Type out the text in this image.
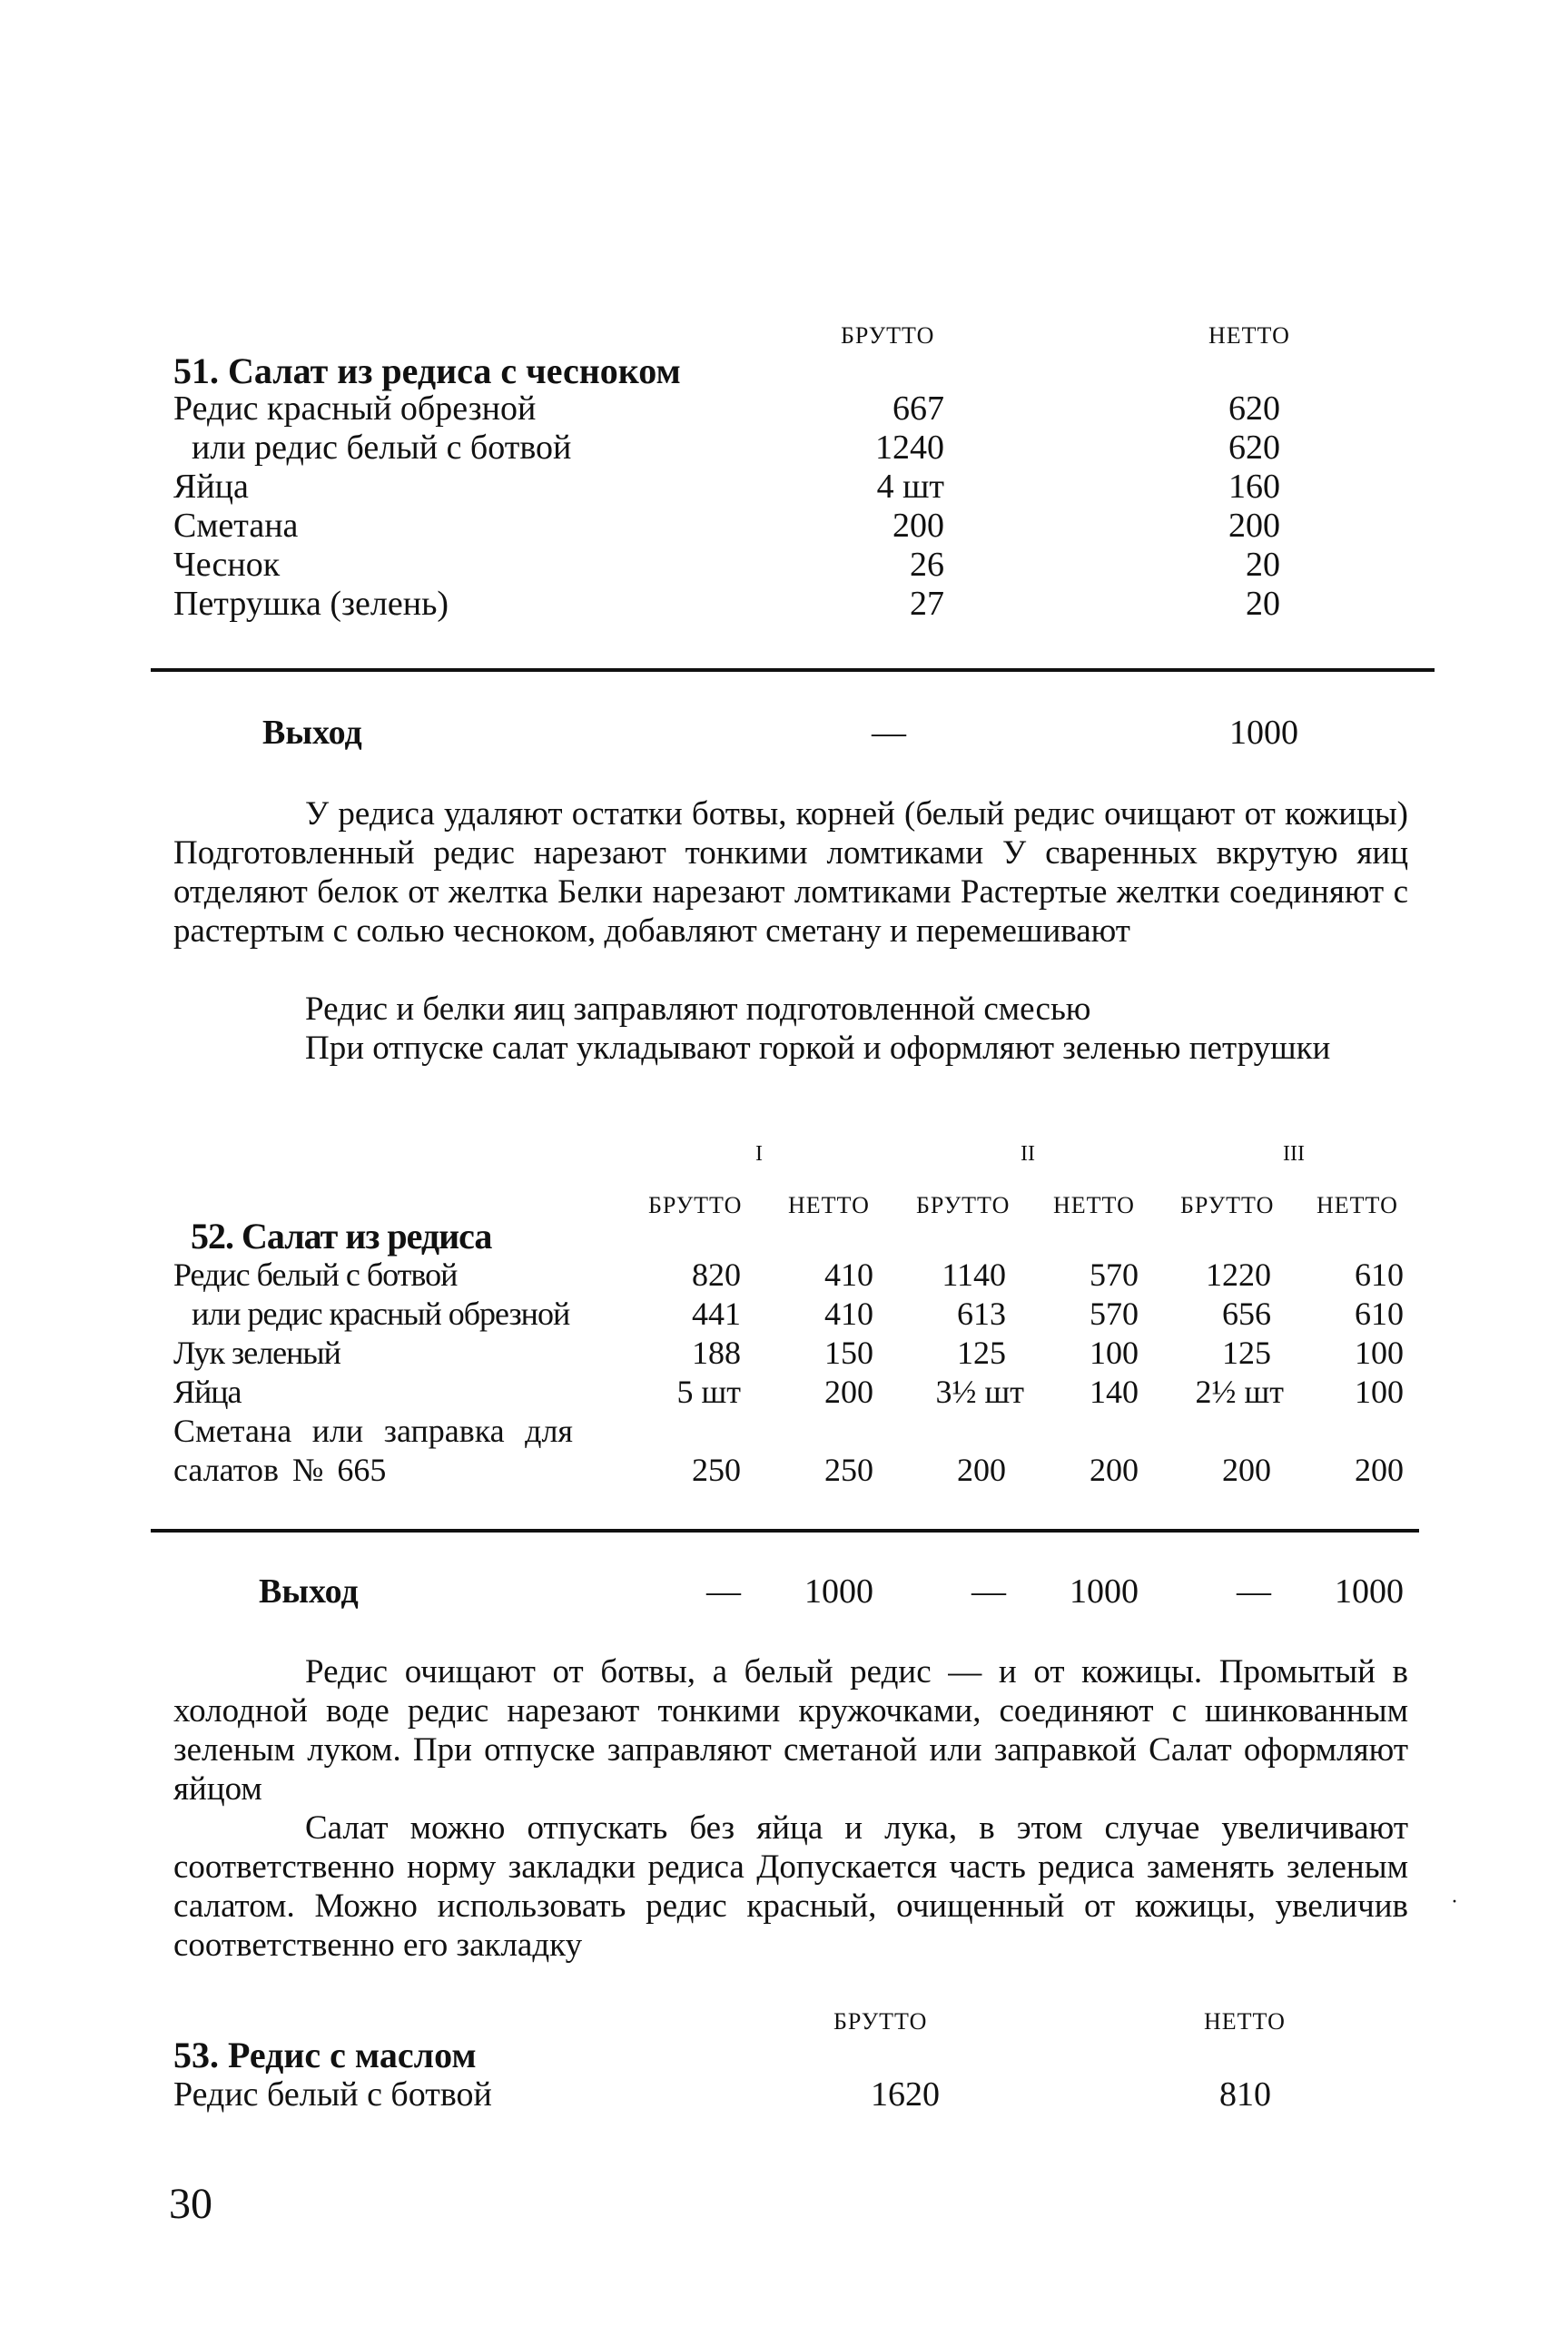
БРУТТО	НЕТТО
51. Салат из редиса с чесноком
Редис красный обрезной	667	620
или редис белый с ботвой	1240	620
Яйца	4 шт	160
Сметана	200	200
Чеснок	26	20
Петрушка (зелень)	27	20
Выход	—	1000
У редиса удаляют остатки ботвы, корней (белый редис очищают от кожицы) Подготовленный редис нарезают тонкими ломтиками У сваренных вкрутую яиц отделяют белок от желтка Белки нарезают ломтиками Растертые желтки соединяют с растертым с солью чесноком, добавляют сметану и перемешивают
Редис и белки яиц заправляют подготовленной смесью
При отпуске салат укладывают горкой и оформляют зеленью петрушки
I	II	III
БРУТТО НЕТТО БРУТТО НЕТТО БРУТТО НЕТТО
52. Салат из редиса
Редис белый с ботвой	820	410	1140	570	1220	610
или редис красный обрезной	441	410	613	570	656	610
Лук зеленый	188	150	125	100	125	100
Яйца	5 шт	200	3½ шт	140	2½ шт	100
Сметана или заправка для салатов № 665	250	250	200	200	200	200
Выход	—	1000	—	1000	—	1000
Редис очищают от ботвы, а белый редис — и от кожицы. Промытый в холодной воде редис нарезают тонкими кружочками, соединяют с шинкованным зеленым луком. При отпуске заправляют сметаной или заправкой Салат оформляют яйцом
Салат можно отпускать без яйца и лука, в этом случае увеличивают соответственно норму закладки редиса Допускается часть редиса заменять зеленым салатом. Можно использовать редис красный, очищенный от кожицы, увеличив соответственно его закладку
·
БРУТТО	НЕТТО
53. Редис с маслом
Редис белый с ботвой	1620	810
30
